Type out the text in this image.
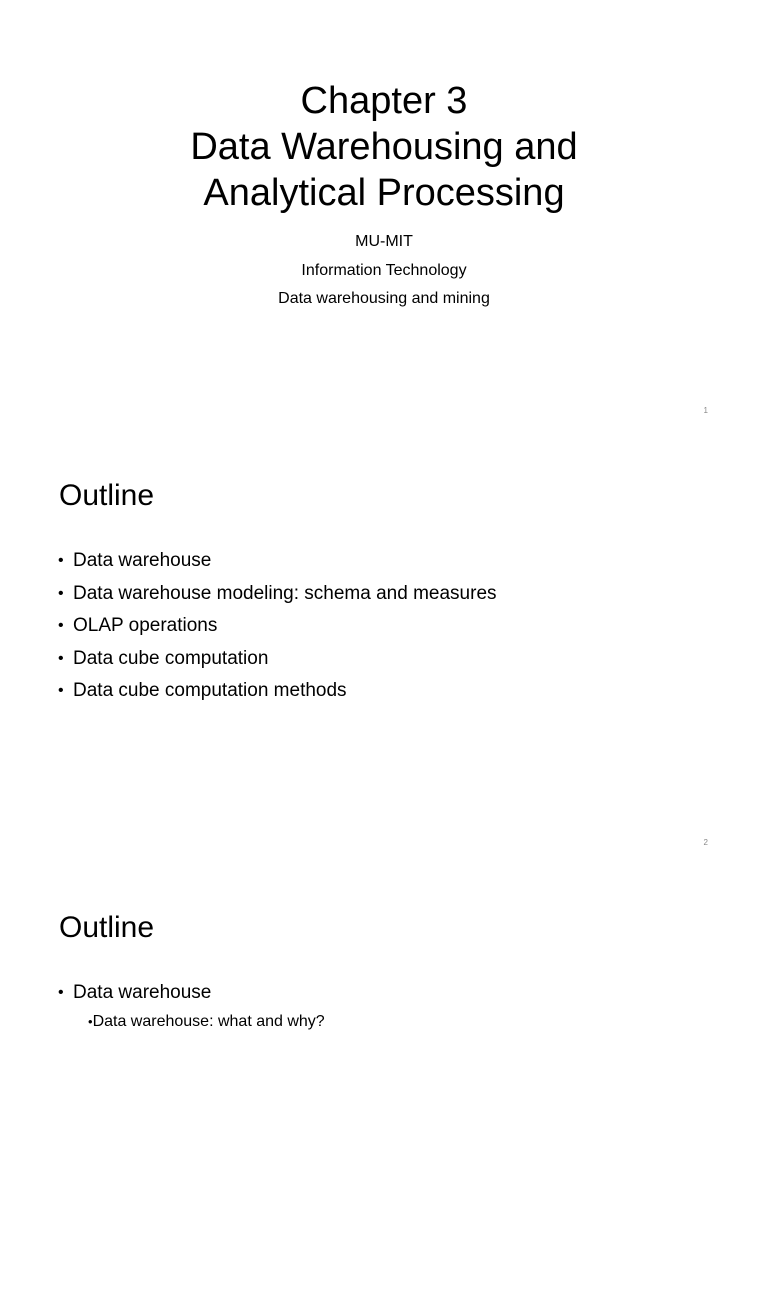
Chapter 3
Data Warehousing and
Analytical Processing
MU-MIT
Information Technology
Data warehousing and mining
1
Outline
• Data warehouse
• Data warehouse modeling: schema and measures
• OLAP operations
• Data cube computation
• Data cube computation methods
2
Outline
• Data warehouse
•Data warehouse: what and why?
